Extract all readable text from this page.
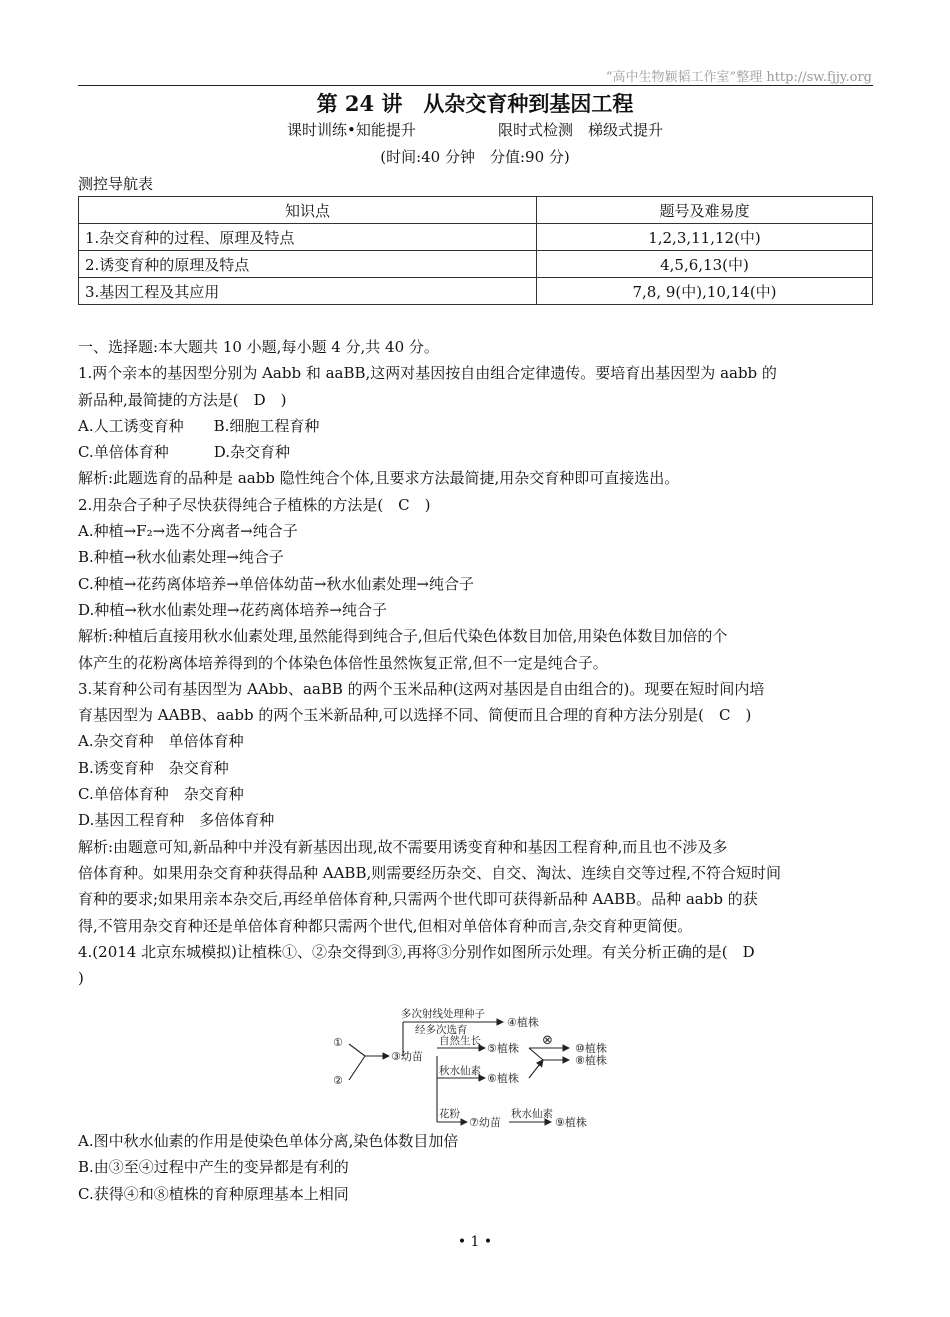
“高中生物颖韬工作室”整理 http://sw.fjjy.org
第 24 讲　从杂交育种到基因工程
课时训练•知能提升	限时式检测　梯级式提升
(时间:40 分钟　分值:90 分)
测控导航表
知识点	题号及难易度
1.杂交育种的过程、原理及特点	1,2,3,11,12(中)
2.诱变育种的原理及特点	4,5,6,13(中)
3.基因工程及其应用	7,8, 9(中),10,14(中)
一、选择题:本大题共 10 小题,每小题 4 分,共 40 分。
1.两个亲本的基因型分别为 Aabb 和 aaBB,这两对基因按自由组合定律遗传。要培育出基因型为 aabb 的
新品种,最简捷的方法是(　D　)
A.人工诱变育种　　B.细胞工程育种
C.单倍体育种　　　D.杂交育种
解析:此题选育的品种是 aabb 隐性纯合个体,且要求方法最简捷,用杂交育种即可直接选出。
2.用杂合子种子尽快获得纯合子植株的方法是(　C　)
A.种植→F₂→选不分离者→纯合子
B.种植→秋水仙素处理→纯合子
C.种植→花药离体培养→单倍体幼苗→秋水仙素处理→纯合子
D.种植→秋水仙素处理→花药离体培养→纯合子
解析:种植后直接用秋水仙素处理,虽然能得到纯合子,但后代染色体数目加倍,用染色体数目加倍的个
体产生的花粉离体培养得到的个体染色体倍性虽然恢复正常,但不一定是纯合子。
3.某育种公司有基因型为 AAbb、aaBB 的两个玉米品种(这两对基因是自由组合的)。现要在短时间内培
育基因型为 AABB、aabb 的两个玉米新品种,可以选择不同、简便而且合理的育种方法分别是(　C　)
A.杂交育种　单倍体育种
B.诱变育种　杂交育种
C.单倍体育种　杂交育种
D.基因工程育种　多倍体育种
解析:由题意可知,新品种中并没有新基因出现,故不需要用诱变育种和基因工程育种,而且也不涉及多
倍体育种。如果用杂交育种获得品种 AABB,则需要经历杂交、自交、淘汰、连续自交等过程,不符合短时间
育种的要求;如果用亲本杂交后,再经单倍体育种,只需两个世代即可获得新品种 AABB。品种 aabb 的获
得,不管用杂交育种还是单倍体育种都只需两个世代,但相对单倍体育种而言,杂交育种更简便。
4.(2014 北京东城模拟)让植株①、②杂交得到③,再将③分别作如图所示处理。有关分析正确的是(　D
)
①
②
③幼苗
多次射线处理种子
经多次选育
④植株
自然生长
⑤植株
⊗
⑩植株
秋水仙素
⑥植株
⑧植株
花粉
⑦幼苗
秋水仙素
⑨植株
A.图中秋水仙素的作用是使染色单体分离,染色体数目加倍
B.由③至④过程中产生的变异都是有利的
C.获得④和⑧植株的育种原理基本上相同
• 1 •
